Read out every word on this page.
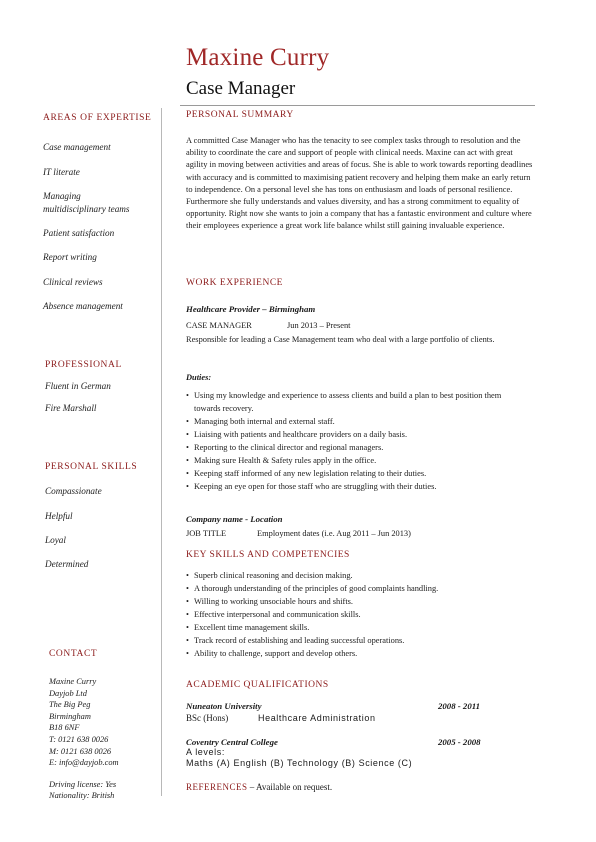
Maxine Curry
Case Manager
AREAS OF EXPERTISE
Case management
IT literate
Managing
multidisciplinary teams
Patient satisfaction
Report writing
Clinical reviews
Absence management
PROFESSIONAL
Fluent in German
Fire Marshall
PERSONAL SKILLS
Compassionate
Helpful
Loyal
Determined
CONTACT
Maxine Curry
Dayjob Ltd
The Big Peg
Birmingham
B18 6NF
T: 0121 638 0026
M: 0121 638 0026
E: info@dayjob.com
Driving license: Yes
Nationality: British
PERSONAL SUMMARY
A committed Case Manager who has the tenacity to see complex tasks through to resolution and the ability to coordinate the care and support of people with clinical needs. Maxine can act with great agility in moving between activities and areas of focus. She is able to work towards reporting deadlines with accuracy and is committed to maximising patient recovery and helping them make an early return to independence. On a personal level she has tons on enthusiasm and loads of personal resilience. Furthermore she fully understands and values diversity, and has a strong commitment to equality of opportunity. Right now she wants to join a company that has a fantastic environment and culture where their employees experience a great work life balance whilst still gaining invaluable experience.
WORK EXPERIENCE
Healthcare Provider – Birmingham
CASE MANAGER	Jun 2013 – Present
Responsible for leading a Case Management team who deal with a large portfolio of clients.
Duties:
• Using my knowledge and experience to assess clients and build a plan to best position them towards recovery.
• Managing both internal and external staff.
• Liaising with patients and healthcare providers on a daily basis.
• Reporting to the clinical director and regional managers.
• Making sure Health & Safety rules apply in the office.
• Keeping staff informed of any new legislation relating to their duties.
• Keeping an eye open for those staff who are struggling with their duties.
Company name - Location
JOB TITLE	Employment dates (i.e. Aug 2011 – Jun 2013)
KEY SKILLS AND COMPETENCIES
• Superb clinical reasoning and decision making.
• A thorough understanding of the principles of good complaints handling.
• Willing to working unsociable hours and shifts.
• Effective interpersonal and communication skills.
• Excellent time management skills.
• Track record of establishing and leading successful operations.
• Ability to challenge, support and develop others.
ACADEMIC QUALIFICATIONS
Nuneaton University	2008 - 2011
BSc (Hons)	Healthcare Administration
Coventry Central College	2005 - 2008
A levels:
Maths (A) English (B) Technology (B) Science (C)
REFERENCES – Available on request.
